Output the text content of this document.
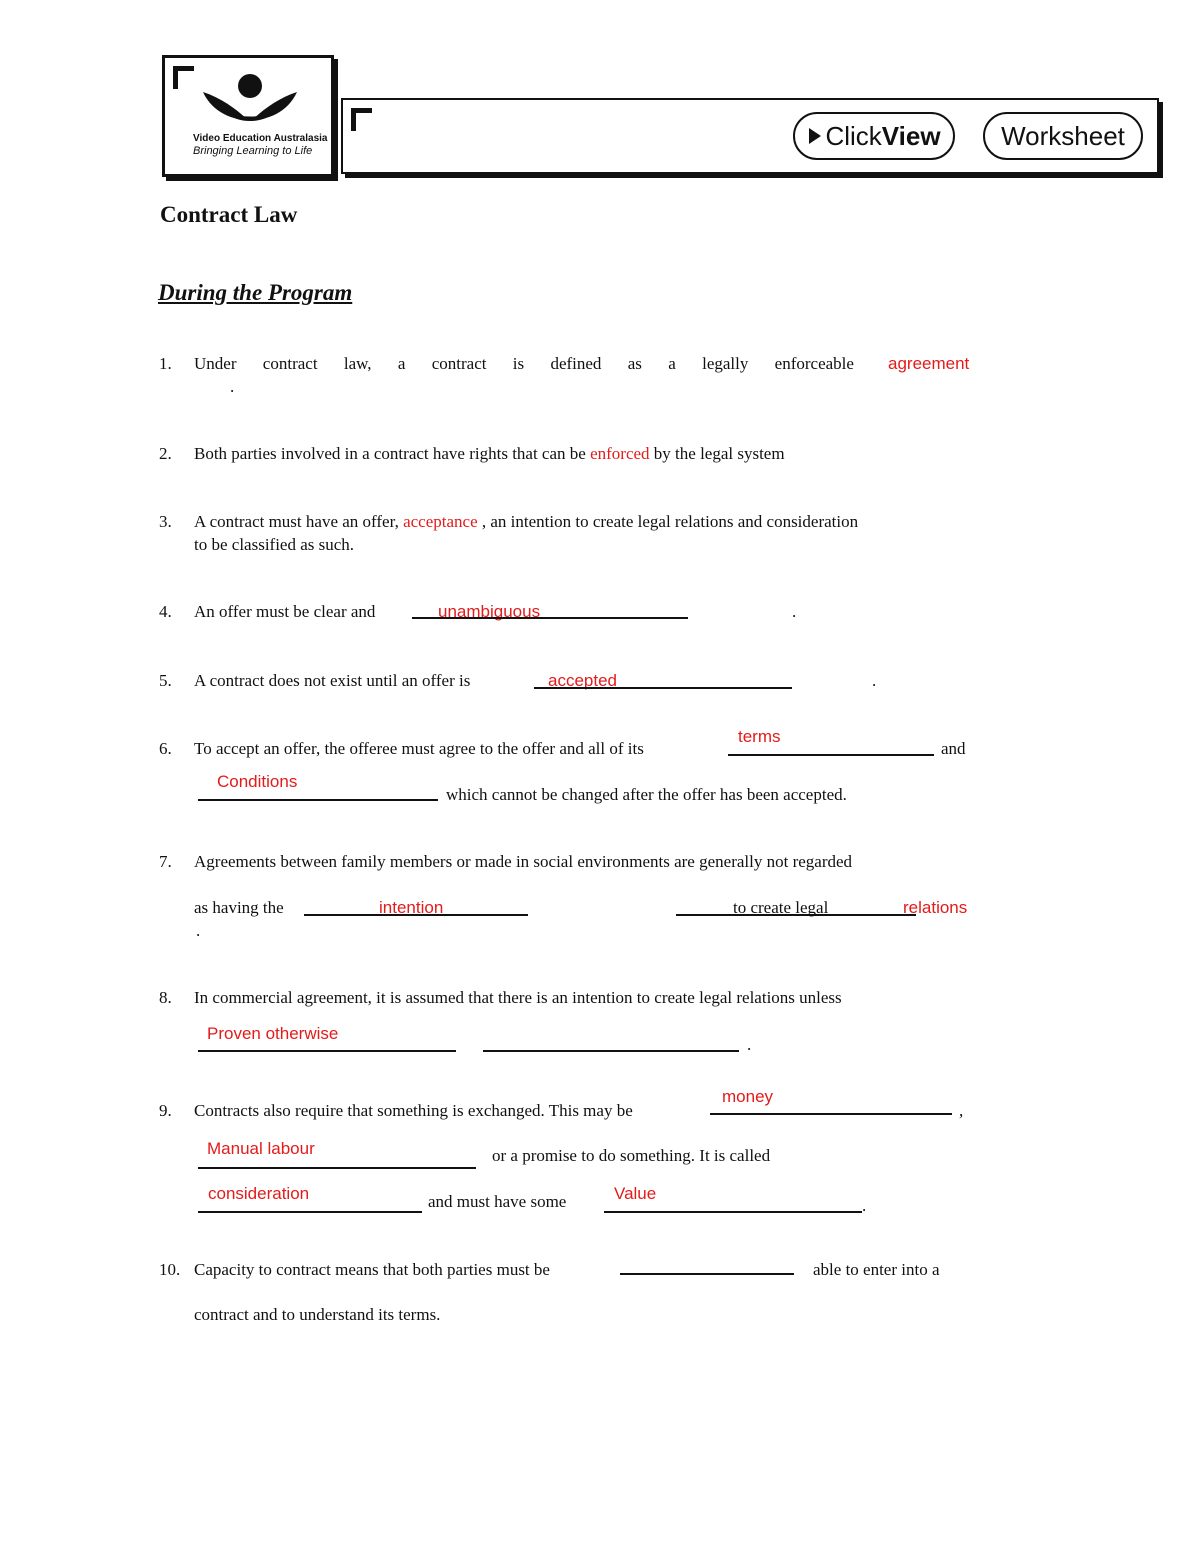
Video Education Australasia
Bringing Learning to Life
Click View	Worksheet
Contract Law
During the Program
1. Under contract law, a contract is defined as a legally enforceable agreement
.
2. Both parties involved in a contract have rights that can be enforced by the legal system
3. A contract must have an offer, acceptance , an intention to create legal relations and consideration
to be classified as such.
4. An offer must be clear and	unambiguous	.
5. A contract does not exist until an offer is	accepted	.
6. To accept an offer, the offeree must agree to the offer and all of its
terms
and
Conditions
which cannot be changed after the offer has been accepted.
7. Agreements between family members or made in social environments are generally not regarded
as having the	intention	to create legal	relations
.
8. In commercial agreement, it is assumed that there is an intention to create legal relations unless
Proven otherwise
.
9. Contracts also require that something is exchanged. This may be
money
,
Manual labour	or a promise to do something. It is called
consideration	and must have some	Value
.
10. Capacity to contract means that both parties must be	able to enter into a
contract and to understand its terms.
